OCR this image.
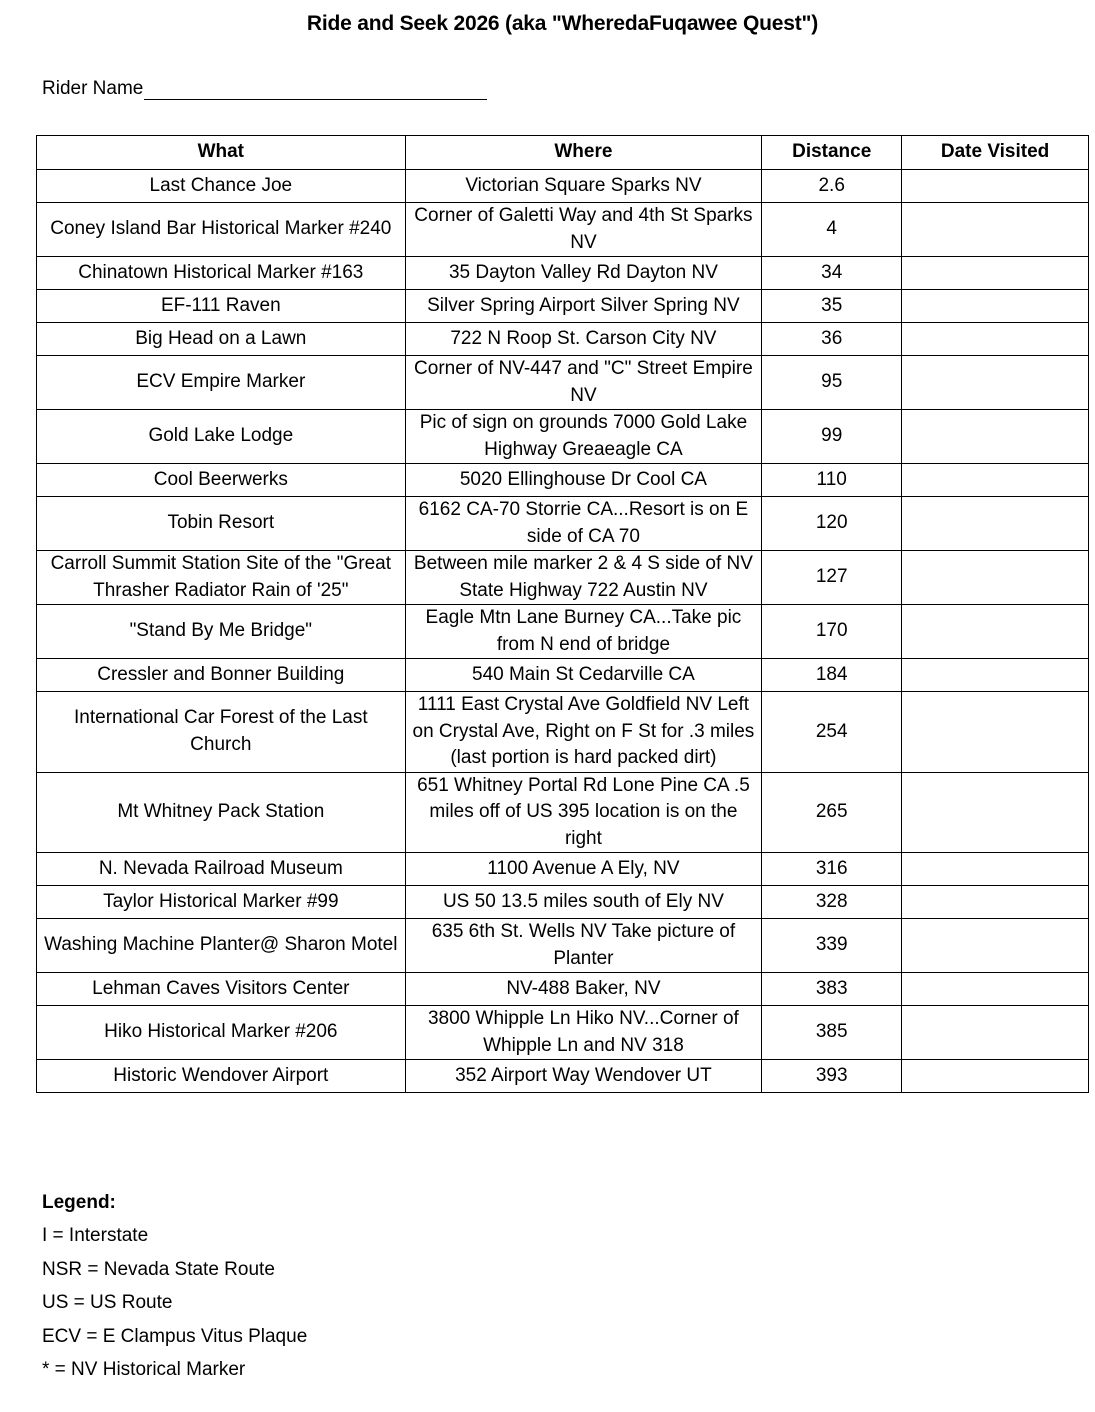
Ride and Seek 2026 (aka "WheredaFuqawee Quest")
Rider Name
What	Where	Distance	Date Visited
Last Chance Joe	Victorian Square Sparks NV	2.6	
Coney Island Bar Historical Marker #240	Corner of Galetti Way and 4th St Sparks NV	4	
Chinatown Historical Marker #163	35 Dayton Valley Rd Dayton NV	34	
EF-111 Raven	Silver Spring Airport Silver Spring NV	35	
Big Head on a Lawn	722 N Roop St. Carson City NV	36	
ECV Empire Marker	Corner of NV-447 and "C" Street Empire NV	95	
Gold Lake Lodge	Pic of sign on grounds 7000 Gold Lake Highway Greaeagle CA	99	
Cool Beerwerks	5020 Ellinghouse Dr Cool CA	110	
Tobin Resort	6162 CA-70 Storrie CA...Resort is on E side of CA 70	120	
Carroll Summit Station Site of the "Great Thrasher Radiator Rain of '25"	Between mile marker 2 & 4 S side of NV State Highway 722 Austin NV	127	
"Stand By Me Bridge"	Eagle Mtn Lane Burney CA...Take pic from N end of bridge	170	
Cressler and Bonner Building	540 Main St Cedarville CA	184	
International Car Forest of the Last Church	1111 East Crystal Ave Goldfield NV Left on Crystal Ave, Right on F St for .3 miles (last portion is hard packed dirt)	254	
Mt Whitney Pack Station	651 Whitney Portal Rd Lone Pine CA .5 miles off of US 395 location is on the right	265	
N. Nevada Railroad Museum	1100 Avenue A Ely, NV	316	
Taylor Historical Marker #99	US 50 13.5 miles south of Ely NV	328	
Washing Machine Planter@ Sharon Motel	635 6th St. Wells NV Take picture of Planter	339	
Lehman Caves Visitors Center	NV-488 Baker, NV	383	
Hiko Historical Marker #206	3800 Whipple Ln Hiko NV...Corner of Whipple Ln and NV 318	385	
Historic Wendover Airport	352 Airport Way Wendover UT	393	
Legend:
I = Interstate
NSR = Nevada State Route
US = US Route
ECV = E Clampus Vitus Plaque
* = NV Historical Marker
